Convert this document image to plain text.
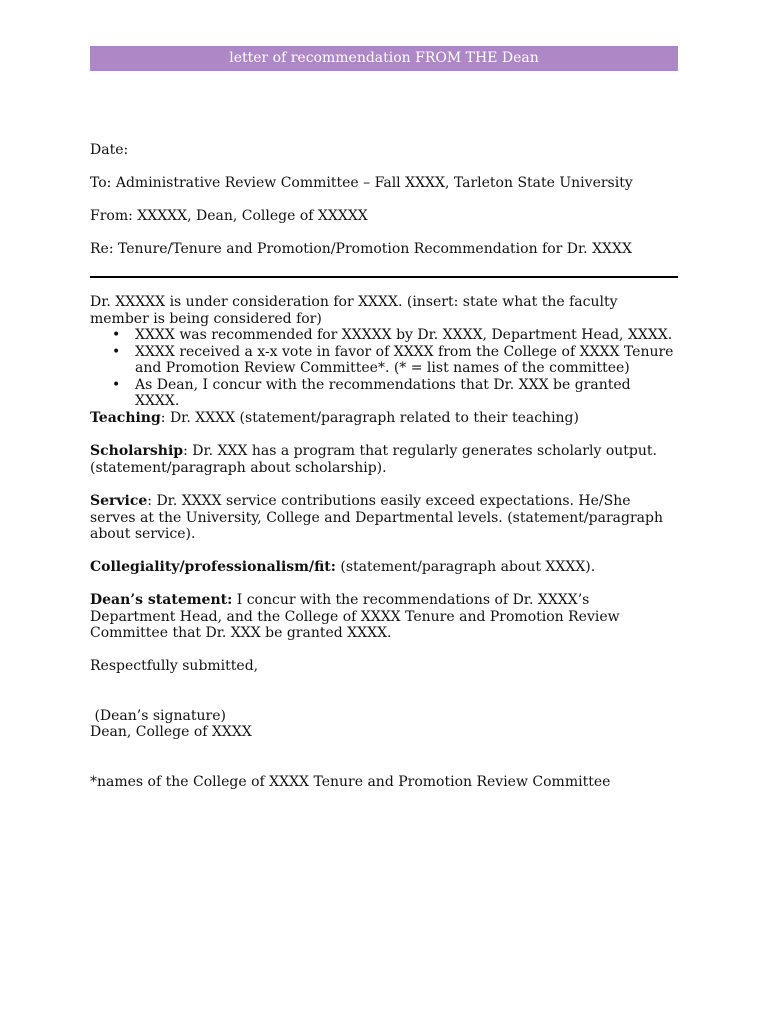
letter of recommendation FROM THE Dean
Date:
To: Administrative Review Committee – Fall XXXX, Tarleton State University
From: XXXXX, Dean, College of XXXXX
Re: Tenure/Tenure and Promotion/Promotion Recommendation for Dr. XXXX
Dr. XXXXX is under consideration for XXXX. (insert: state what the faculty member is being considered for)
• XXXX was recommended for XXXXX by Dr. XXXX, Department Head, XXXX.
• XXXX received a x-x vote in favor of XXXX from the College of XXXX Tenure and Promotion Review Committee*. (* = list names of the committee)
• As Dean, I concur with the recommendations that Dr. XXX be granted XXXX.
Teaching: Dr. XXXX (statement/paragraph related to their teaching)
Scholarship: Dr. XXX has a program that regularly generates scholarly output. (statement/paragraph about scholarship).
Service: Dr. XXXX service contributions easily exceed expectations. He/She serves at the University, College and Departmental levels. (statement/paragraph about service).
Collegiality/professionalism/fit: (statement/paragraph about XXXX).
Dean’s statement: I concur with the recommendations of Dr. XXXX’s Department Head, and the College of XXXX Tenure and Promotion Review Committee that Dr. XXX be granted XXXX.
Respectfully submitted,
(Dean’s signature)
Dean, College of XXXX
*names of the College of XXXX Tenure and Promotion Review Committee
